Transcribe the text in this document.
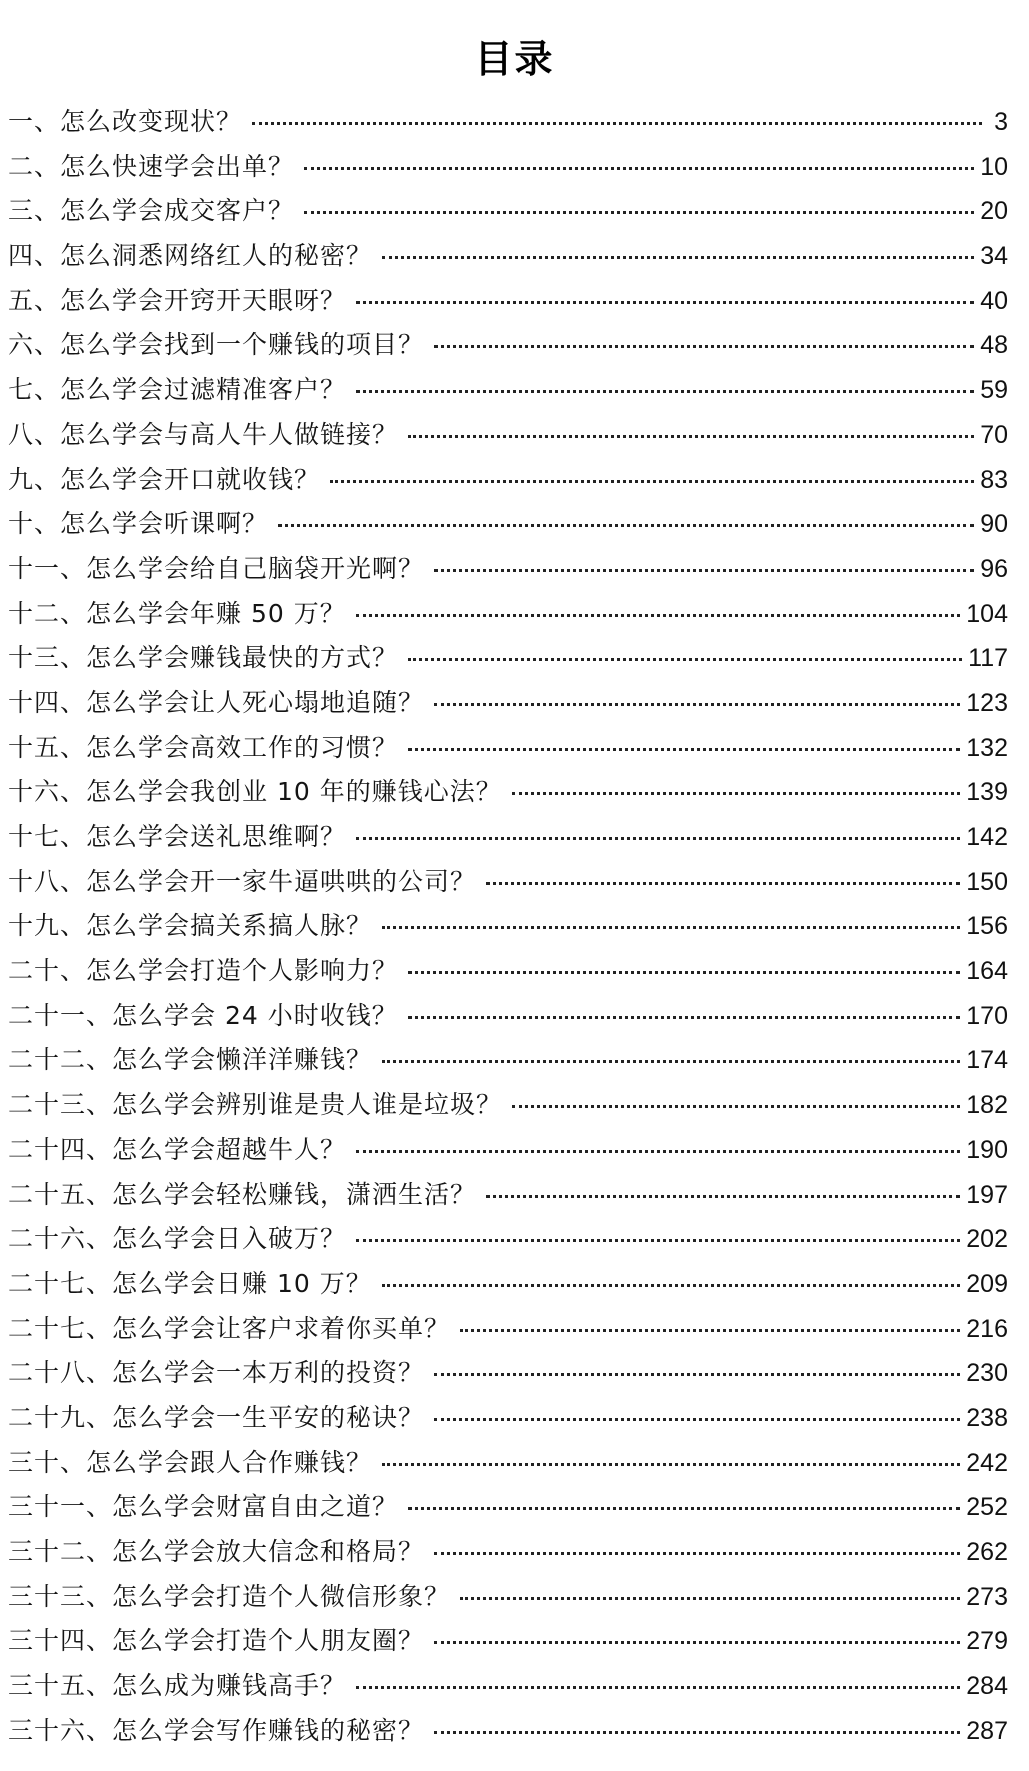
目录
一、怎么改变现状？	3
二、怎么快速学会出单？	10
三、怎么学会成交客户？	20
四、怎么洞悉网络红人的秘密？	34
五、怎么学会开窍开天眼呀？	40
六、怎么学会找到一个赚钱的项目？	48
七、怎么学会过滤精准客户？	59
八、怎么学会与高人牛人做链接？	70
九、怎么学会开口就收钱？	83
十、怎么学会听课啊？	90
十一、怎么学会给自己脑袋开光啊？	96
十二、怎么学会年赚 50 万？	104
十三、怎么学会赚钱最快的方式？	117
十四、怎么学会让人死心塌地追随？	123
十五、怎么学会高效工作的习惯？	132
十六、怎么学会我创业 10 年的赚钱心法？	139
十七、怎么学会送礼思维啊？	142
十八、怎么学会开一家牛逼哄哄的公司？	150
十九、怎么学会搞关系搞人脉？	156
二十、怎么学会打造个人影响力？	164
二十一、怎么学会 24 小时收钱？	170
二十二、怎么学会懒洋洋赚钱？	174
二十三、怎么学会辨别谁是贵人谁是垃圾？	182
二十四、怎么学会超越牛人？	190
二十五、怎么学会轻松赚钱，潇洒生活？	197
二十六、怎么学会日入破万？	202
二十七、怎么学会日赚 10 万？	209
二十七、怎么学会让客户求着你买单？	216
二十八、怎么学会一本万利的投资？	230
二十九、怎么学会一生平安的秘诀？	238
三十、怎么学会跟人合作赚钱？	242
三十一、怎么学会财富自由之道？	252
三十二、怎么学会放大信念和格局？	262
三十三、怎么学会打造个人微信形象？	273
三十四、怎么学会打造个人朋友圈？	279
三十五、怎么成为赚钱高手？	284
三十六、怎么学会写作赚钱的秘密？	287
